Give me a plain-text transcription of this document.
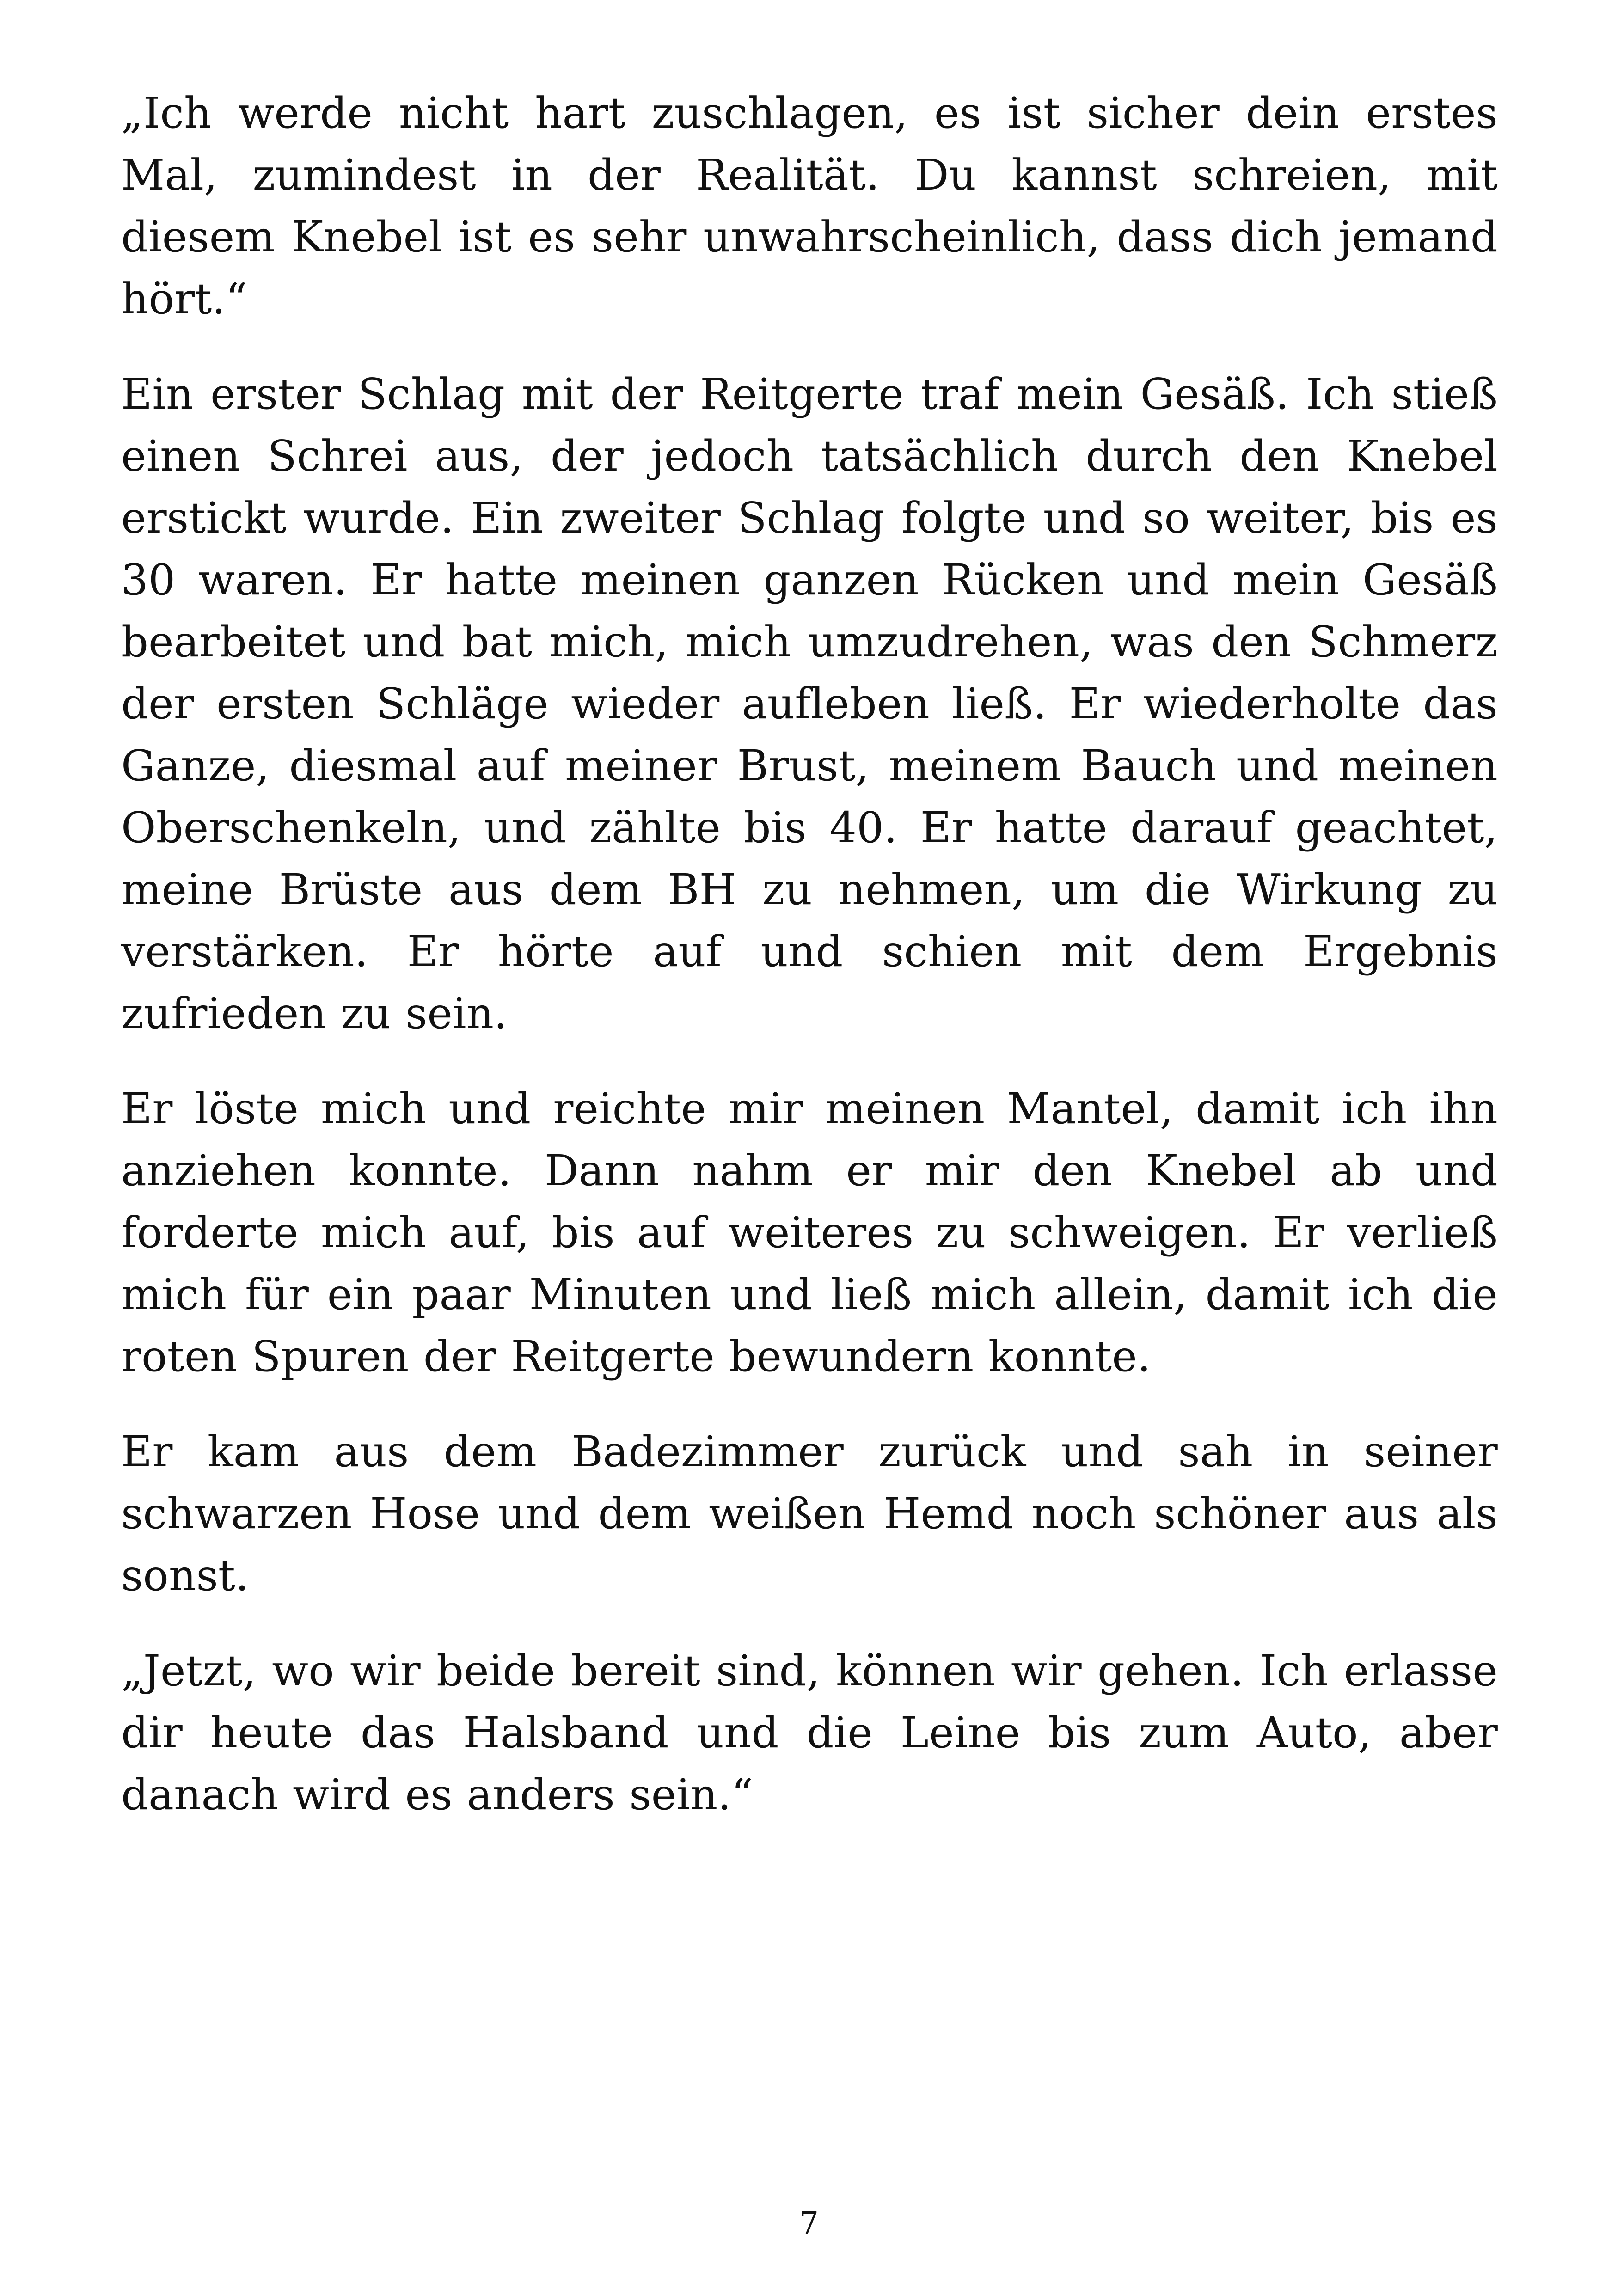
„Ich werde nicht hart zuschlagen, es ist sicher dein erstes Mal, zumindest in der Realität. Du kannst schreien, mit diesem Knebel ist es sehr unwahrscheinlich, dass dich jemand hört.“

Ein erster Schlag mit der Reitgerte traf mein Gesäß. Ich stieß einen Schrei aus, der jedoch tatsächlich durch den Knebel erstickt wurde. Ein zweiter Schlag folgte und so weiter, bis es 30 waren. Er hatte meinen ganzen Rücken und mein Gesäß bearbeitet und bat mich, mich umzudrehen, was den Schmerz der ersten Schläge wieder aufleben ließ. Er wiederholte das Ganze, diesmal auf meiner Brust, meinem Bauch und meinen Oberschenkeln, und zählte bis 40. Er hatte darauf geachtet, meine Brüste aus dem BH zu nehmen, um die Wirkung zu verstärken. Er hörte auf und schien mit dem Ergebnis zufrieden zu sein.

Er löste mich und reichte mir meinen Mantel, damit ich ihn anziehen konnte. Dann nahm er mir den Knebel ab und forderte mich auf, bis auf weiteres zu schweigen. Er verließ mich für ein paar Minuten und ließ mich allein, damit ich die roten Spuren der Reitgerte bewundern konnte.

Er kam aus dem Badezimmer zurück und sah in seiner schwarzen Hose und dem weißen Hemd noch schöner aus als sonst.

„Jetzt, wo wir beide bereit sind, können wir gehen. Ich erlasse dir heute das Halsband und die Leine bis zum Auto, aber danach wird es anders sein.“

7
